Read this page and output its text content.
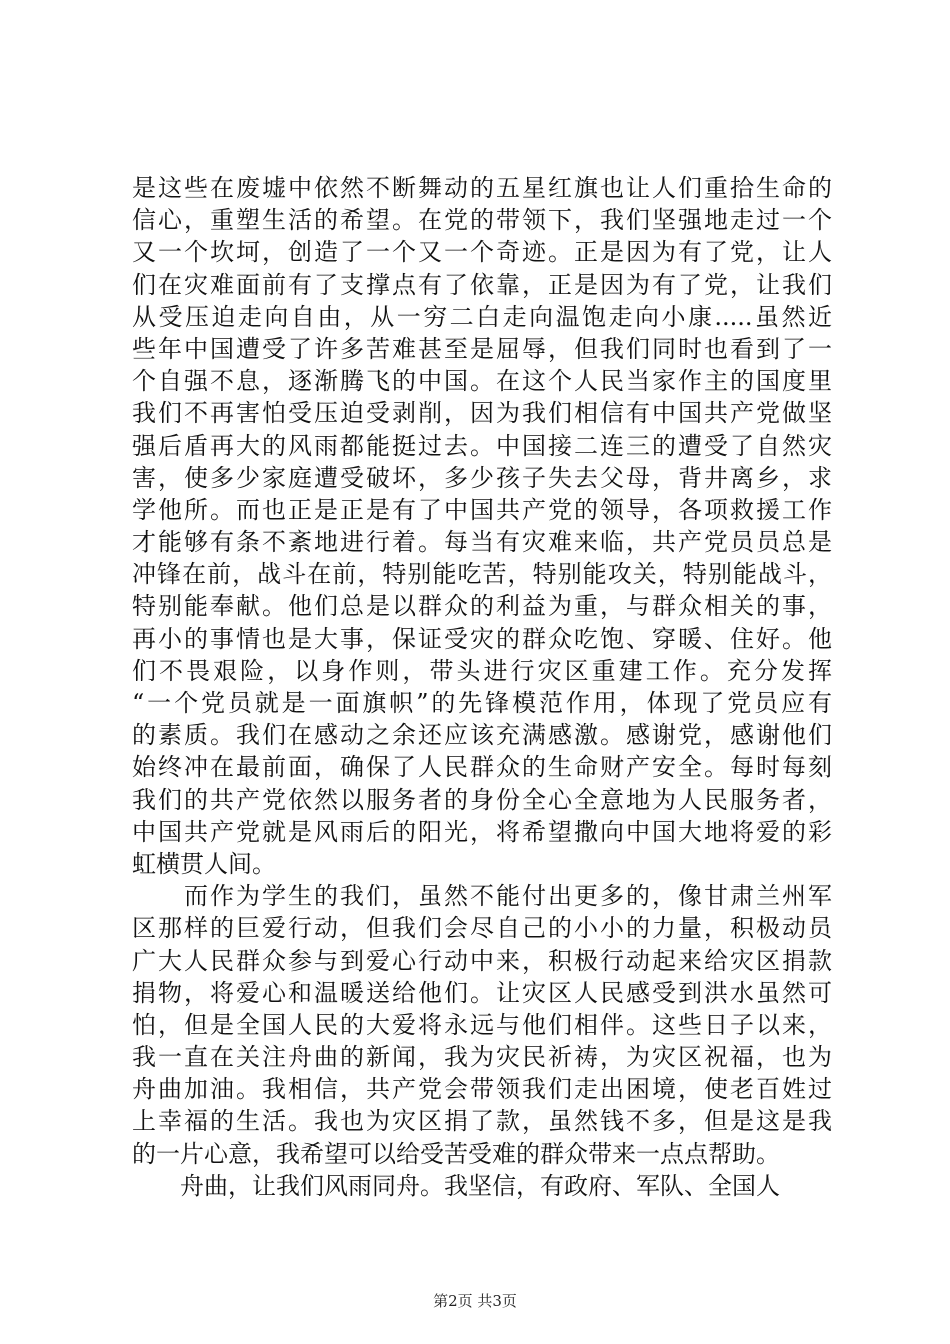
是这些在废墟中依然不断舞动的五星红旗也让人们重拾生命的
信心，重塑生活的希望。在党的带领下，我们坚强地走过一个
又一个坎坷，创造了一个又一个奇迹。正是因为有了党，让人
们在灾难面前有了支撑点有了依靠，正是因为有了党，让我们
从受压迫走向自由，从一穷二白走向温饱走向小康.....虽然近
些年中国遭受了许多苦难甚至是屈辱，但我们同时也看到了一
个自强不息，逐渐腾飞的中国。在这个人民当家作主的国度里
我们不再害怕受压迫受剥削，因为我们相信有中国共产党做坚
强后盾再大的风雨都能挺过去。中国接二连三的遭受了自然灾
害，使多少家庭遭受破坏，多少孩子失去父母，背井离乡，求
学他所。而也正是正是有了中国共产党的领导，各项救援工作
才能够有条不紊地进行着。每当有灾难来临，共产党员员总是
冲锋在前，战斗在前，特别能吃苦，特别能攻关，特别能战斗，
特别能奉献。他们总是以群众的利益为重，与群众相关的事，
再小的事情也是大事，保证受灾的群众吃饱、穿暖、住好。他
们不畏艰险，以身作则，带头进行灾区重建工作。充分发挥
“一个党员就是一面旗帜”的先锋模范作用，体现了党员应有
的素质。我们在感动之余还应该充满感激。感谢党，感谢他们
始终冲在最前面，确保了人民群众的生命财产安全。每时每刻
我们的共产党依然以服务者的身份全心全意地为人民服务者，
中国共产党就是风雨后的阳光，将希望撒向中国大地将爱的彩
虹横贯人间。
　　而作为学生的我们，虽然不能付出更多的，像甘肃兰州军
区那样的巨爱行动，但我们会尽自己的小小的力量，积极动员
广大人民群众参与到爱心行动中来，积极行动起来给灾区捐款
捐物，将爱心和温暖送给他们。让灾区人民感受到洪水虽然可
怕，但是全国人民的大爱将永远与他们相伴。这些日子以来，
我一直在关注舟曲的新闻，我为灾民祈祷，为灾区祝福，也为
舟曲加油。我相信，共产党会带领我们走出困境，使老百姓过
上幸福的生活。我也为灾区捐了款，虽然钱不多，但是这是我
的一片心意，我希望可以给受苦受难的群众带来一点点帮助。
　　舟曲，让我们风雨同舟。我坚信，有政府、军队、全国人
第2页 共3页
